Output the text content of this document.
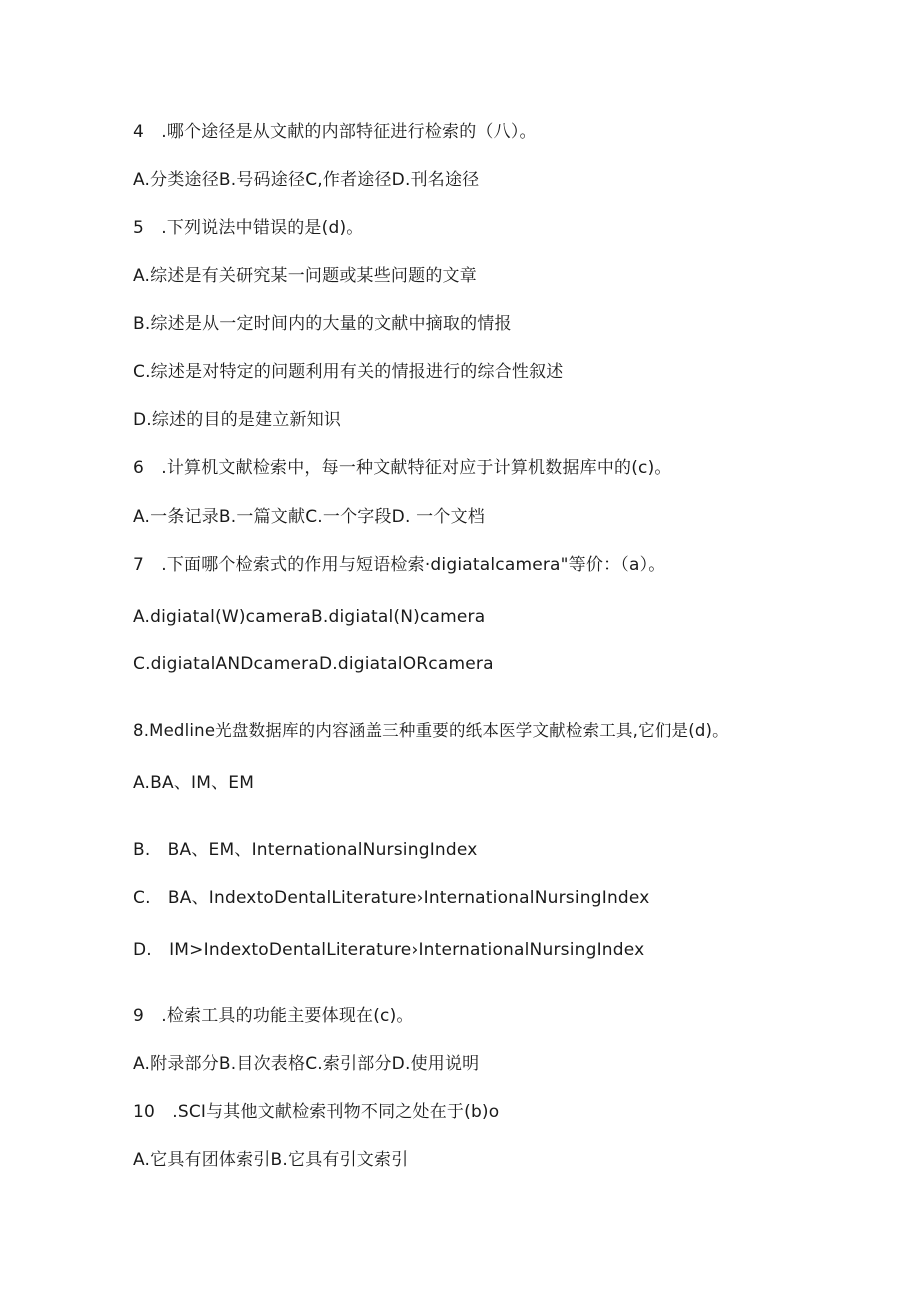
4 .哪个途径是从文献的内部特征进行检索的（八）。
A.分类途径B.号码途径C,作者途径D.刊名途径
5 .下列说法中错误的是(d)。
A.综述是有关研究某一问题或某些问题的文章
B.综述是从一定时间内的大量的文献中摘取的情报
C.综述是对特定的问题利用有关的情报进行的综合性叙述
D.综述的目的是建立新知识
6 .计算机文献检索中，每一种文献特征对应于计算机数据库中的(c)。
A.一条记录B.一篇文献C.一个字段D. 一个文档
7 .下面哪个检索式的作用与短语检索·digiatalcamera"等价：（a）。
A.digiatal(W)cameraB.digiatal(N)camera
C.digiatalANDcameraD.digiatalORcamera
8.Medline光盘数据库的内容涵盖三种重要的纸本医学文献检索工具,它们是(d)。
A.BA、IM、EM
B. BA、EM、InternationalNursingIndex
C. BA、IndextoDentalLiterature›InternationalNursingIndex
D. IM>IndextoDentalLiterature›InternationalNursingIndex
9 .检索工具的功能主要体现在(c)。
A.附录部分B.目次表格C.索引部分D.使用说明
10 .SCI与其他文献检索刊物不同之处在于(b)o
A.它具有团体索引B.它具有引文索引
